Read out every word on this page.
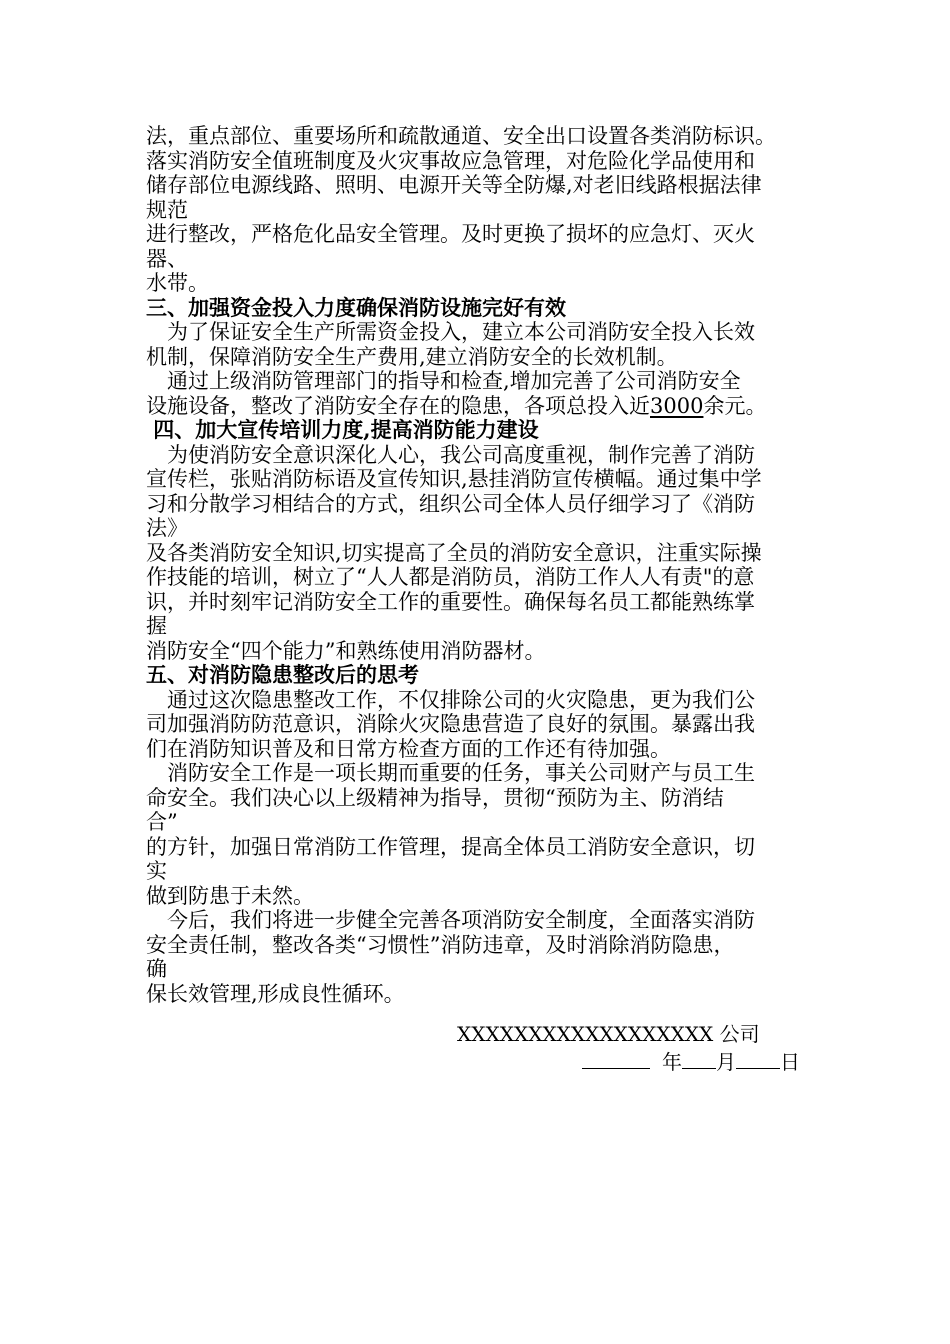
法，重点部位、重要场所和疏散通道、安全出口设置各类消防标识。
落实消防安全值班制度及火灾事故应急管理，对危险化学品使用和
储存部位电源线路、照明、电源开关等全防爆,对老旧线路根据法律
规范
进行整改，严格危化品安全管理。及时更换了损坏的应急灯、灭火
器、
水带。
三、加强资金投入力度确保消防设施完好有效
　为了保证安全生产所需资金投入，建立本公司消防安全投入长效
机制，保障消防安全生产费用,建立消防安全的长效机制。
　通过上级消防管理部门的指导和检查,增加完善了公司消防安全
设施设备，整改了消防安全存在的隐患，各项总投入近3000余元。
四、加大宣传培训力度,提高消防能力建设
　为使消防安全意识深化人心，我公司高度重视，制作完善了消防
宣传栏，张贴消防标语及宣传知识,悬挂消防宣传横幅。通过集中学
习和分散学习相结合的方式，组织公司全体人员仔细学习了《消防
法》
及各类消防安全知识,切实提高了全员的消防安全意识，注重实际操
作技能的培训，树立了“人人都是消防员，消防工作人人有责"的意
识，并时刻牢记消防安全工作的重要性。确保每名员工都能熟练掌
握
消防安全“四个能力”和熟练使用消防器材。
五、对消防隐患整改后的思考
　通过这次隐患整改工作，不仅排除公司的火灾隐患，更为我们公
司加强消防防范意识，消除火灾隐患营造了良好的氛围。暴露出我
们在消防知识普及和日常方检查方面的工作还有待加强。
　消防安全工作是一项长期而重要的任务，事关公司财产与员工生
命安全。我们决心以上级精神为指导，贯彻“预防为主、防消结
合”
的方针，加强日常消防工作管理，提高全体员工消防安全意识，切
实
做到防患于未然。
　今后，我们将进一步健全完善各项消防安全制度，全面落实消防
安全责任制，整改各类“习惯性”消防违章，及时消除消防隐患，
确
保长效管理,形成良性循环。
XXXXXXXXXXXXXXXXXX 公司
年 月 日
